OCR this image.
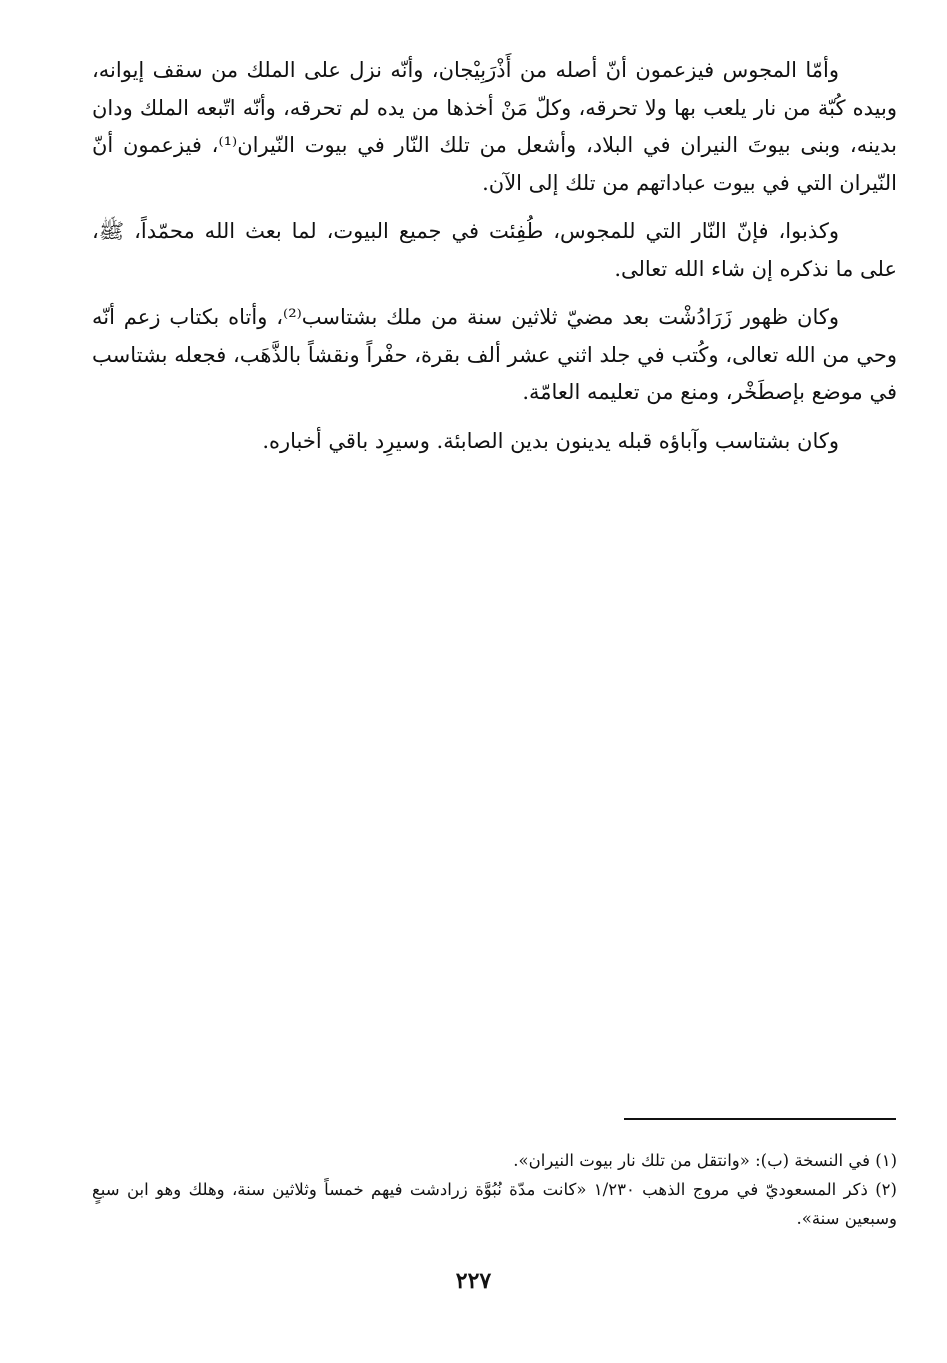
وأمّا المجوس فيزعمون أنّ أصله من أَذْرَبِيْجان، وأنّه نزل على الملك من سقف إيوانه، وبيده كُبّة من نار يلعب بها ولا تحرقه، وكلّ مَنْ أخذها من يده لم تحرقه، وأنّه اتّبعه الملك ودان بدينه، وبنى بيوتَ النيران في البلاد، وأشعل من تلك النّار في بيوت النّيران⁽¹⁾، فيزعمون أنّ النّيران التي في بيوت عباداتهم من تلك إلى الآن.

وكذبوا، فإنّ النّار التي للمجوس، طُفِئت في جميع البيوت، لما بعث الله محمّداً، ﷺ، على ما نذكره إن شاء الله تعالى.

وكان ظهور زَرَادُشْت بعد مضيّ ثلاثين سنة من ملك بشتاسب⁽²⁾، وأتاه بكتاب زعم أنّه وحي من الله تعالى، وكُتب في جلد اثني عشر ألف بقرة، حفْراً ونقشاً بالذَّهَب، فجعله بشتاسب في موضع بإصطَخْر، ومنع من تعليمه العامّة.

وكان بشتاسب وآباؤه قبله يدينون بدين الصابئة. وسيرِد باقي أخباره.

(١) في النسخة (ب): «وانتقل من تلك نار بيوت النيران».

(٢) ذكر المسعوديّ في مروج الذهب ١/٢٣٠ «كانت مدّة نُبُوَّة زرادشت فيهم خمساً وثلاثين سنة، وهلك وهو ابن سبعٍ وسبعين سنة».

٢٢٧
